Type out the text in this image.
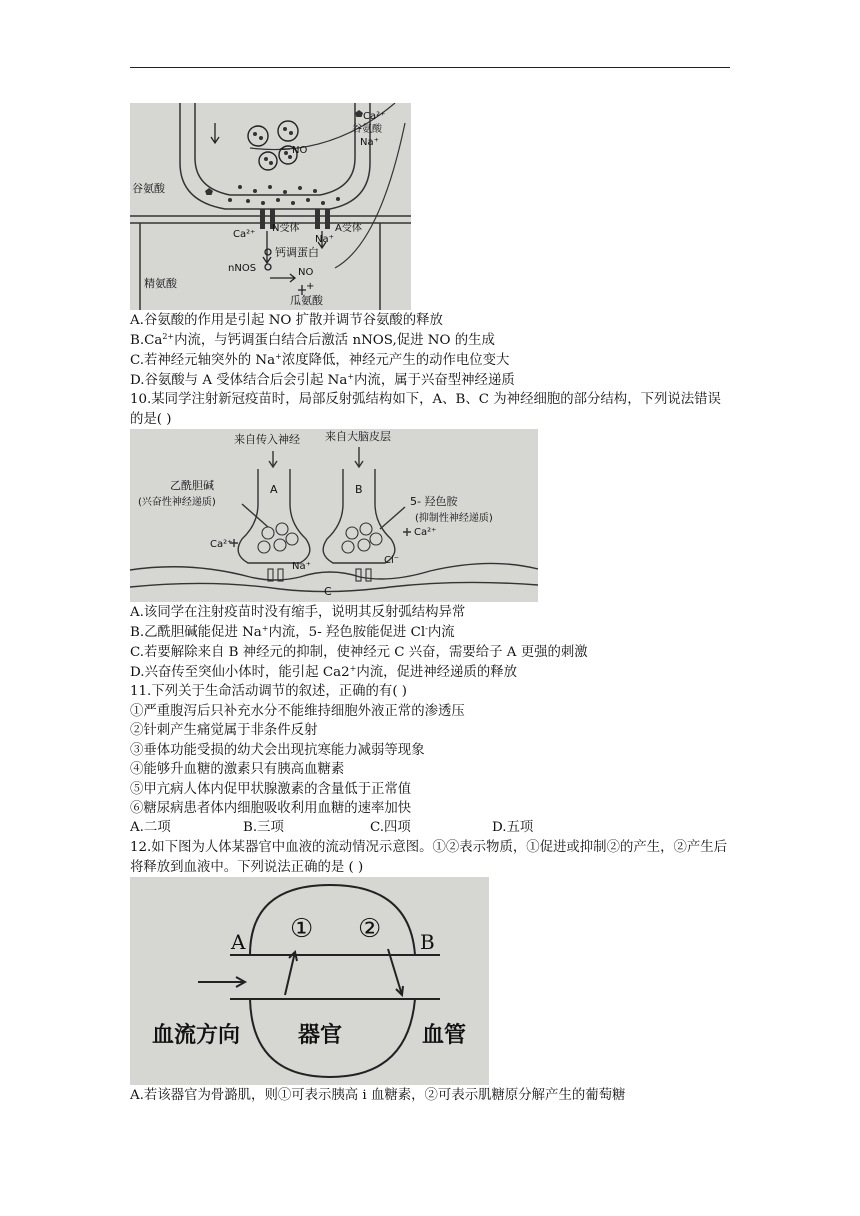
Ca²⁺
谷氨酸
Na⁺
NO
谷氨酸
Ca²⁺
N受体
Na⁺
A受体
钙调蛋白
nNOS	NO
精氨酸	+
瓜氨酸
A.谷氨酸的作用是引起 NO 扩散并调节谷氨酸的释放
$B.Ca^{2+}$内流，与钙调蛋白结合后激活 nNOS,促进 NO 的生成
C.若神经元轴突外的 Na+浓度降低，神经元产生的动作电位变大
D.谷氨酸与 A 受体结合后会引起 Na+内流，属于兴奋型神经递质
10.某同学注射新冠疫苗时，局部反射弧结构如下，A、B、C 为神经细胞的部分结构，下列说法错误的是( )
来自传入神经 来自大脑皮层
乙酰胆碱
(兴奋性神经递质)	5- 羟色胺
(抑制性神经递质)
A	B
C
Ca²⁺
Ca²⁺
Na⁺
Cl⁻
A.该同学在注射疫苗时没有缩手，说明其反射弧结构异常
B.乙酰胆碱能促进 Na+内流，5- 羟色胺能促进 Cl-内流
C.若要解除来自 B 神经元的抑制，使神经元 C 兴奋，需要给子 A 更强的刺激
D.兴奋传至突仙小体时，能引起 Ca2+内流，促进神经递质的释放
11.下列关于生命活动调节的叙述，正确的有( )
①严重腹泻后只补充水分不能维持细胞外液正常的渗透压
②针刺产生痛觉属于非条件反射
③垂体功能受损的幼犬会出现抗寒能力减弱等现象
④能够升血糖的激素只有胰高血糖素
⑤甲亢病人体内促甲状腺激素的含量低于正常值
⑥糖尿病患者体内细胞吸收利用血糖的速率加快
A.二项	B.三项	C.四项	D.五项
12.如下图为人体某器官中血液的流动情况示意图。①②表示物质，①促进或抑制②的产生，②产生后将释放到血液中。下列说法正确的是 ( )
A	B
① ②
血流方向	器官	血管
A.若该器官为骨潞肌，则①可表示胰高 i 血糖素，②可表示肌糖原分解产生的葡萄糖
